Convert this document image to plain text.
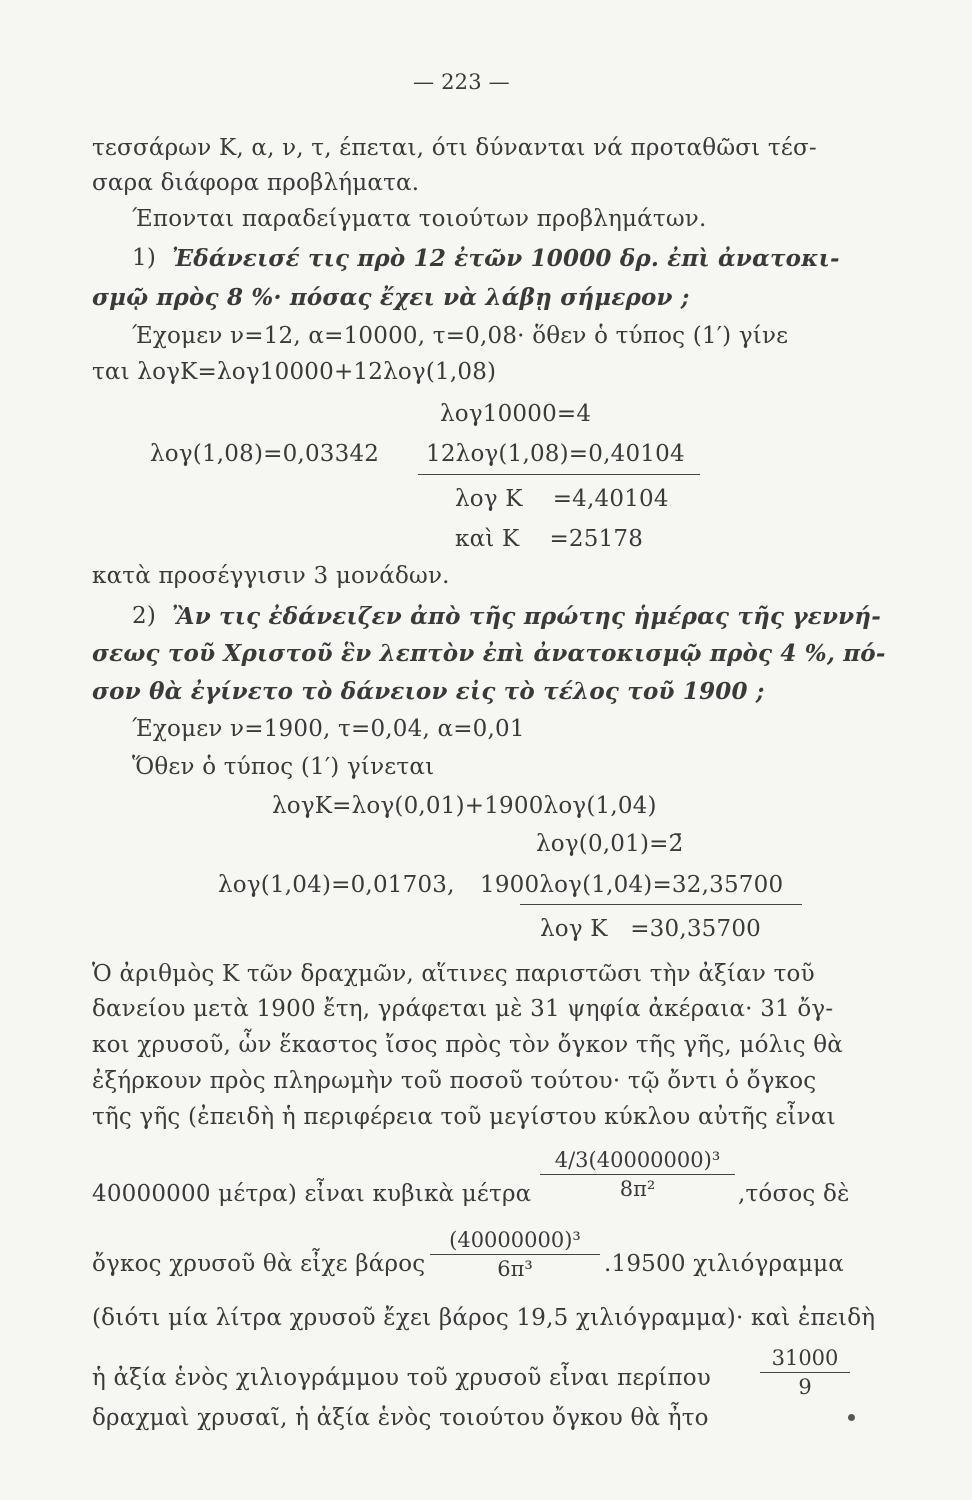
— 223 —
τεσσάρων Κ, α, ν, τ, έπεται, ότι δύνανται νά προταθῶσι τέσ-
σαρα διάφορα προβλήματα.
Έπονται παραδείγματα τοιούτων προβλημάτων.
1) Ἐδάνεισέ τις πρὸ 12 ἐτῶν 10000 δρ. ἐπὶ ἀνατοκι-
σμῷ πρὸς 8 %· πόσας ἔχει νὰ λάβῃ σήμερον ;
Έχομεν ν=12, α=10000, τ=0,08· ὅθεν ὁ τύπος (1′) γίνε
ται λογΚ=λογ10000+12λογ(1,08)
λογ10000=4
λογ(1,08)=0,03342 12λογ(1,08)=0,40104
λογ Κ    =4,40104
καὶ Κ    =25178
κατὰ προσέγγισιν 3 μονάδων.
2) Ἂν τις ἐδάνειζεν ἀπὸ τῆς πρώτης ἡμέρας τῆς γεννή-
σεως τοῦ Χριστοῦ ἓν λεπτὸν ἐπὶ ἀνατοκισμῷ πρὸς 4 %, πό-
σον θὰ ἐγίνετο τὸ δάνειον εἰς τὸ τέλος τοῦ 1900 ;
Έχομεν ν=1900, τ=0,04, α=0,01
Ὅθεν ὁ τύπος (1′) γίνεται
λογΚ=λογ(0,01)+1900λογ(1,04)
λογ(0,01)=2̄
λογ(1,04)=0,01703, 1900λογ(1,04)=32,35700
λογ Κ   =30,35700
Ὁ ἀριθμὸς Κ τῶν δραχμῶν, αἵτινες παριστῶσι τὴν ἀξίαν τοῦ
δανείου μετὰ 1900 ἔτη, γράφεται μὲ 31 ψηφία ἀκέραια· 31 ὄγ-
κοι χρυσοῦ, ὧν ἕκαστος ἴσος πρὸς τὸν ὄγκον τῆς γῆς, μόλις θὰ
ἐξήρκουν πρὸς πληρωμὴν τοῦ ποσοῦ τούτου· τῷ ὄντι ὁ ὄγκος
τῆς γῆς (ἐπειδὴ ἡ περιφέρεια τοῦ μεγίστου κύκλου αὐτῆς εἶναι
40000000 μέτρα) εἶναι κυβικὰ μέτρα
4/3(40000000)³
8π²	,τόσος δὲ
ὄγκος χρυσοῦ θὰ εἶχε βάρος
(40000000)³
6π³	.19500 χιλιόγραμμα
(διότι μία λίτρα χρυσοῦ ἔχει βάρος 19,5 χιλιόγραμμα)· καὶ ἐπειδὴ
ἡ ἀξία ἑνὸς χιλιογράμμου τοῦ χρυσοῦ εἶναι περίπου
31000
9
δραχμαὶ χρυσαῖ, ἡ ἀξία ἑνὸς τοιούτου ὄγκου θὰ ἦτο
